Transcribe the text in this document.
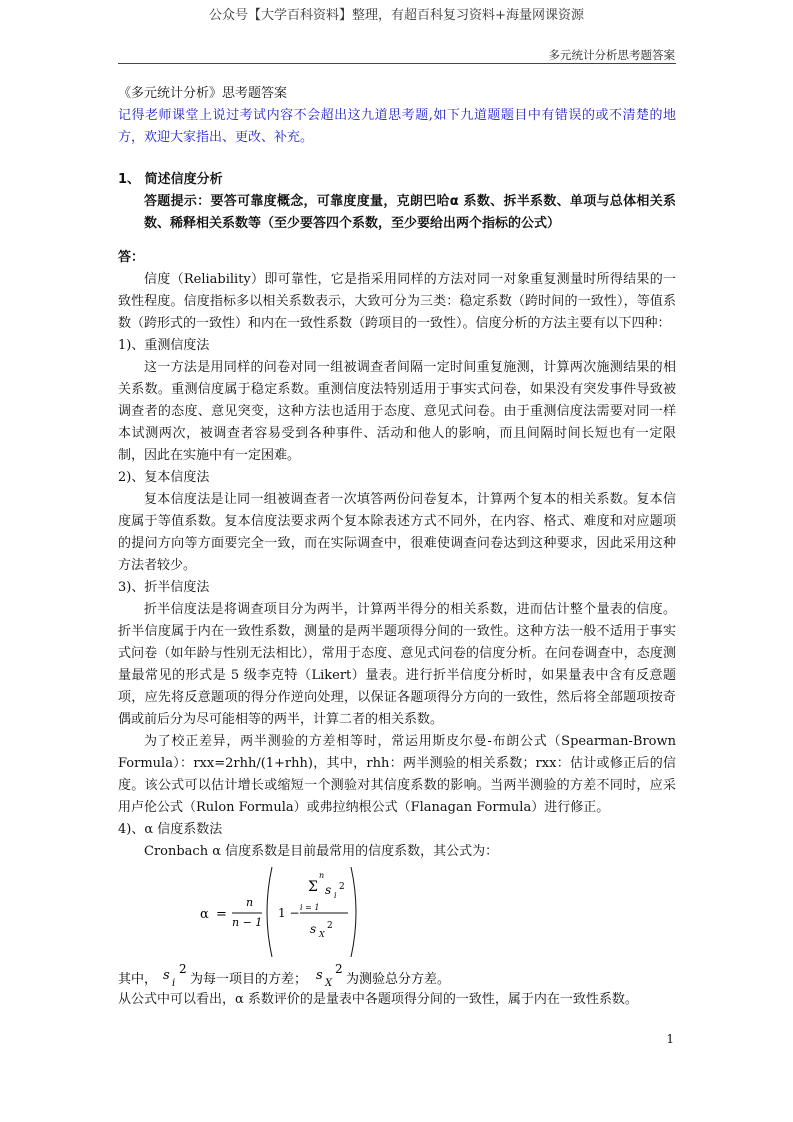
公众号【大学百科资料】整理，有超百科复习资料+海量网课资源
多元统计分析思考题答案

《多元统计分析》思考题答案

记得老师课堂上说过考试内容不会超出这九道思考题,如下九道题题目中有错误的或不清楚的地方，欢迎大家指出、更改、补充。

1、 简述信度分析

答题提示：要答可靠度概念，可靠度度量，克朗巴哈α 系数、拆半系数、单项与总体相关系数、稀释相关系数等（至少要答四个系数，至少要给出两个指标的公式）

答：

信度（Reliability）即可靠性，它是指采用同样的方法对同一对象重复测量时所得结果的一致性程度。信度指标多以相关系数表示，大致可分为三类：稳定系数（跨时间的一致性），等值系数（跨形式的一致性）和内在一致性系数（跨项目的一致性）。信度分析的方法主要有以下四种：

1)、重测信度法

这一方法是用同样的问卷对同一组被调查者间隔一定时间重复施测，计算两次施测结果的相关系数。重测信度属于稳定系数。重测信度法特别适用于事实式问卷，如果没有突发事件导致被调查者的态度、意见突变，这种方法也适用于态度、意见式问卷。由于重测信度法需要对同一样本试测两次，被调查者容易受到各种事件、活动和他人的影响，而且间隔时间长短也有一定限制，因此在实施中有一定困难。

2)、复本信度法

复本信度法是让同一组被调查者一次填答两份问卷复本，计算两个复本的相关系数。复本信度属于等值系数。复本信度法要求两个复本除表述方式不同外，在内容、格式、难度和对应题项的提问方向等方面要完全一致，而在实际调查中，很难使调查问卷达到这种要求，因此采用这种方法者较少。

3)、折半信度法

折半信度法是将调查项目分为两半，计算两半得分的相关系数，进而估计整个量表的信度。折半信度属于内在一致性系数，测量的是两半题项得分间的一致性。这种方法一般不适用于事实式问卷（如年龄与性别无法相比），常用于态度、意见式问卷的信度分析。在问卷调查中，态度测量最常见的形式是 5 级李克特（Likert）量表。进行折半信度分析时，如果量表中含有反意题项，应先将反意题项的得分作逆向处理，以保证各题项得分方向的一致性，然后将全部题项按奇偶或前后分为尽可能相等的两半，计算二者的相关系数。

为了校正差异，两半测验的方差相等时，常运用斯皮尔曼-布朗公式（Spearman-Brown Formula）：rxx=2rhh/(1+rhh)，其中，rhh：两半测验的相关系数；rxx：估计或修正后的信度。该公式可以估计增长或缩短一个测验对其信度系数的影响。当两半测验的方差不同时，应采用卢伦公式（Rulon Formula）或弗拉纳根公式（Flanagan Formula）进行修正。

4)、α 信度系数法

Cronbach α 信度系数是目前最常用的信度系数，其公式为：

α =
n
n − 1
1 −
Σ
n
i = 1
s i
2
s X
2
其中， s
i
2
为每一项目的方差； s
X
2
为测验总分方差。

从公式中可以看出，α 系数评价的是量表中各题项得分间的一致性，属于内在一致性系数。

1
